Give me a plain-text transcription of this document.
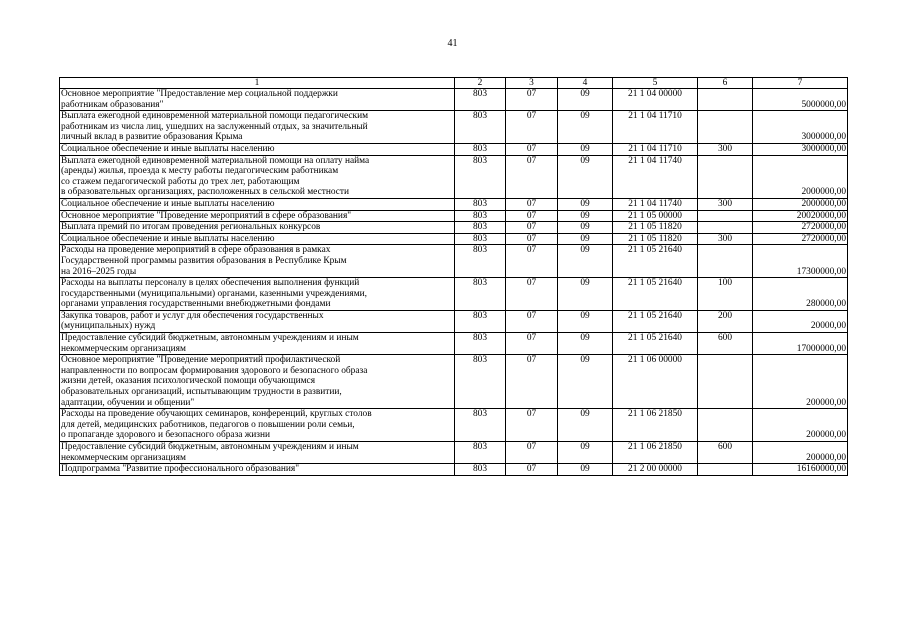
41
1	2	3	4	5	6	7
Основное мероприятие "Предоставление мер социальной поддержки
работникам образования"	803	07	09	21 1 04 00000		5000000,00
Выплата ежегодной единовременной материальной помощи педагогическим
работникам из числа лиц, ушедших на заслуженный отдых, за значительный
личный вклад в развитие образования Крыма	803	07	09	21 1 04 11710		3000000,00
Социальное обеспечение и иные выплаты населению	803	07	09	21 1 04 11710	300	3000000,00
Выплата ежегодной единовременной материальной помощи на оплату найма
(аренды) жилья, проезда к месту работы педагогическим работникам
со стажем педагогической работы до трех лет, работающим
в образовательных организациях, расположенных в сельской местности	803	07	09	21 1 04 11740		2000000,00
Социальное обеспечение и иные выплаты населению	803	07	09	21 1 04 11740	300	2000000,00
Основное мероприятие "Проведение мероприятий в сфере образования"	803	07	09	21 1 05 00000		20020000,00
Выплата премий по итогам проведения региональных конкурсов	803	07	09	21 1 05 11820		2720000,00
Социальное обеспечение и иные выплаты населению	803	07	09	21 1 05 11820	300	2720000,00
Расходы на проведение мероприятий в сфере образования в рамках
Государственной программы развития образования в Республике Крым
на 2016–2025 годы	803	07	09	21 1 05 21640		17300000,00
Расходы на выплаты персоналу в целях обеспечения выполнения функций
государственными (муниципальными) органами, казенными учреждениями,
органами управления государственными внебюджетными фондами	803	07	09	21 1 05 21640	100	280000,00
Закупка товаров, работ и услуг для обеспечения государственных
(муниципальных) нужд	803	07	09	21 1 05 21640	200	20000,00
Предоставление субсидий бюджетным, автономным учреждениям и иным
некоммерческим организациям	803	07	09	21 1 05 21640	600	17000000,00
Основное мероприятие "Проведение мероприятий профилактической
направленности по вопросам формирования здорового и безопасного образа
жизни детей, оказания психологической помощи обучающимся
образовательных организаций, испытывающим трудности в развитии,
адаптации, обучении и общении"	803	07	09	21 1 06 00000		200000,00
Расходы на проведение обучающих семинаров, конференций, круглых столов
для детей, медицинских работников, педагогов о повышении роли семьи,
о пропаганде здорового и безопасного образа жизни	803	07	09	21 1 06 21850		200000,00
Предоставление субсидий бюджетным, автономным учреждениям и иным
некоммерческим организациям	803	07	09	21 1 06 21850	600	200000,00
Подпрограмма "Развитие профессионального образования"	803	07	09	21 2 00 00000		16160000,00
